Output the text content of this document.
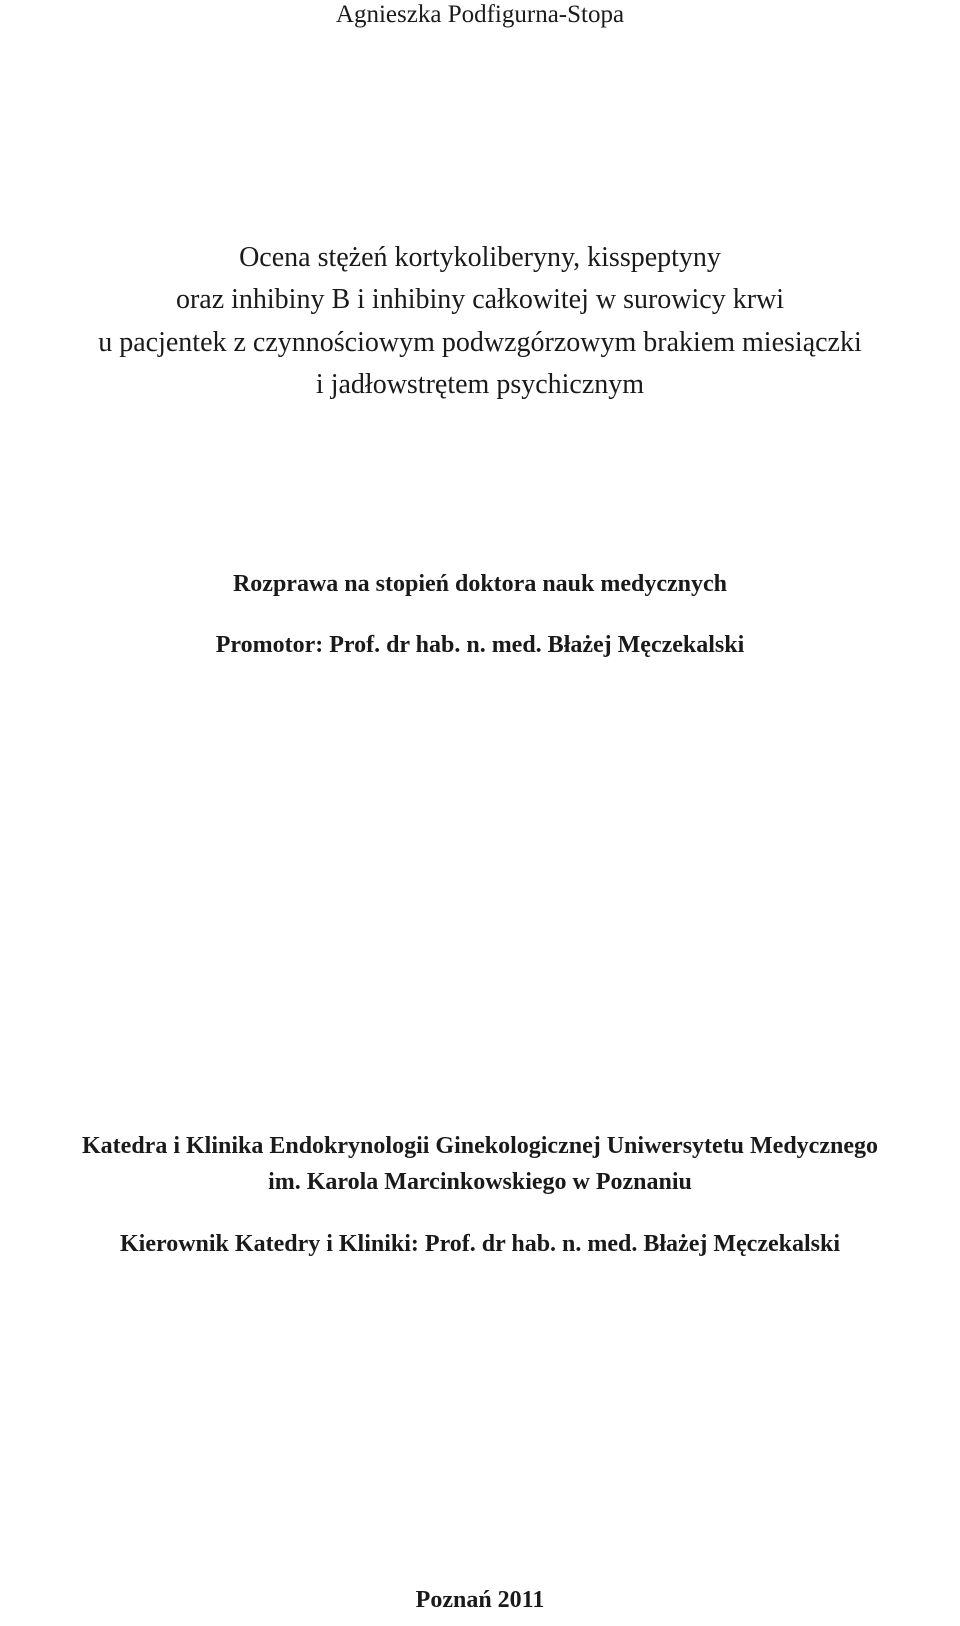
Agnieszka Podfigurna-Stopa
Ocena stężeń kortykoliberyny, kisspeptyny
oraz inhibiny B i inhibiny całkowitej w surowicy krwi
u pacjentek z czynnościowym podwzgórzowym brakiem miesiączki
i jadłowstrętem psychicznym
Rozprawa na stopień doktora nauk medycznych
Promotor: Prof. dr hab. n. med. Błażej Męczekalski
Katedra i Klinika Endokrynologii Ginekologicznej Uniwersytetu Medycznego
im. Karola Marcinkowskiego w Poznaniu
Kierownik Katedry i Kliniki: Prof. dr hab. n. med. Błażej Męczekalski
Poznań 2011
